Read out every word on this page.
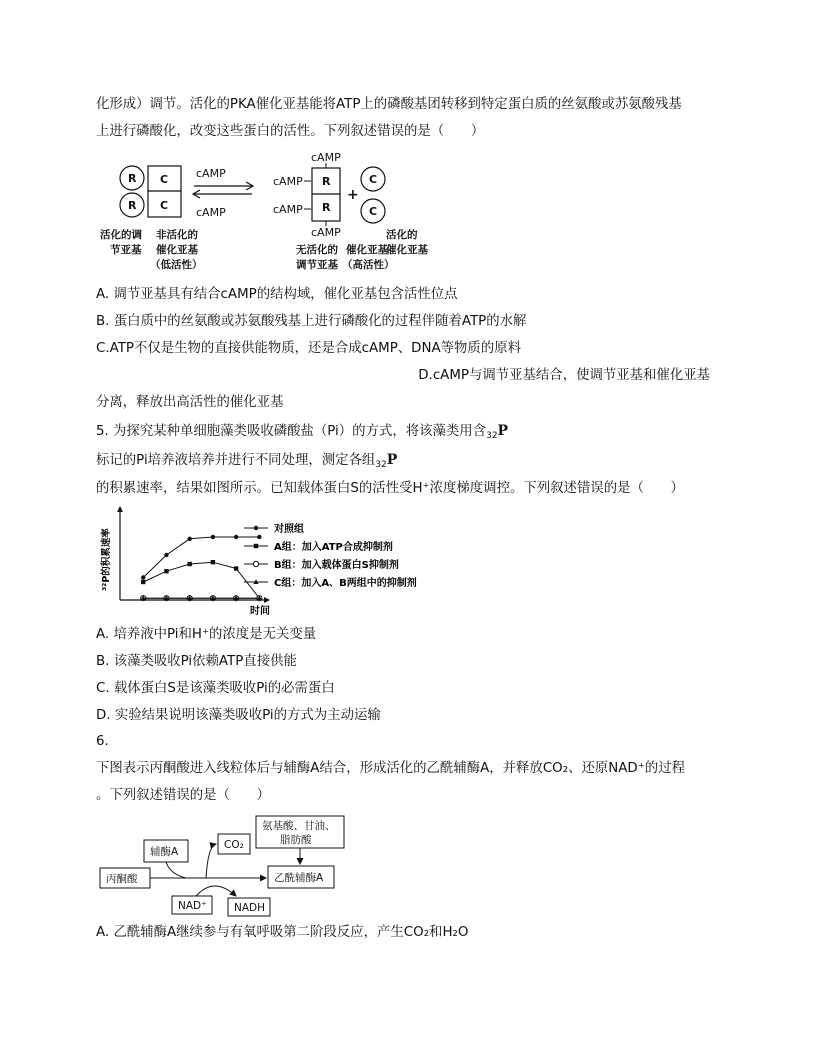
化形成）调节。活化的PKA催化亚基能将ATP上的磷酸基团转移到特定蛋白质的丝氨酸或苏氨酸残基
上进行磷酸化，改变这些蛋白的活性。下列叙述错误的是（　　）
R
R
C
C
cAMP
cAMP
cAMP
cAMP
cAMP
R
R
cAMP
+
C
C
活化的调
节亚基
非活化的
催化亚基
（低活性）
无活化的
调节亚基
催化亚基
（高活性）
活化的
催化亚基
A. 调节亚基具有结合cAMP的结构域，催化亚基包含活性位点
B. 蛋白质中的丝氨酸或苏氨酸残基上进行磷酸化的过程伴随着ATP的水解
C.ATP不仅是生物的直接供能物质，还是合成cAMP、DNA等物质的原料
D.cAMP与调节亚基结合，使调节亚基和催化亚基
分离，释放出高活性的催化亚基
5. 为探究某种单细胞藻类吸收磷酸盐（Pi）的方式，将该藻类用含$_{32}$P
标记的Pi培养液培养并进行不同处理，测定各组$_{32}$P
的积累速率，结果如图所示。已知载体蛋白S的活性受H⁺浓度梯度调控。下列叙述错误的是（　　）
³²P的积累速率
时间
对照组
A组：加入ATP合成抑制剂
B组：加入载体蛋白S抑制剂
C组：加入A、B两组中的抑制剂
A. 培养液中Pi和H⁺的浓度是无关变量
B. 该藻类吸收Pi依赖ATP直接供能
C. 载体蛋白S是该藻类吸收Pi的必需蛋白
D. 实验结果说明该藻类吸收Pi的方式为主动运输
6.
下图表示丙酮酸进入线粒体后与辅酶A结合，形成活化的乙酰辅酶A，并释放CO₂、还原NAD⁺的过程
。下列叙述错误的是（　　）
氨基酸、甘油、
脂肪酸
辅酶A
CO₂
丙酮酸	乙酰辅酶A
NAD⁺	NADH
A. 乙酰辅酶A继续参与有氧呼吸第二阶段反应，产生CO₂和H₂O
